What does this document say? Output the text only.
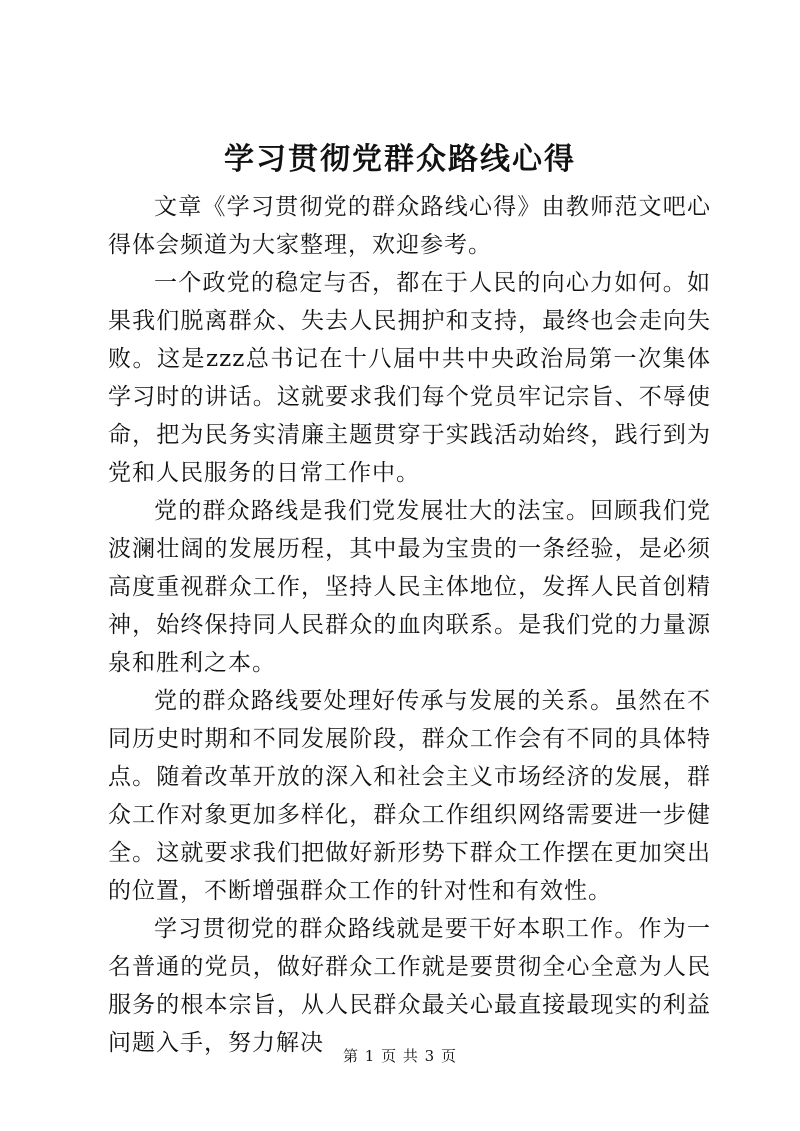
学习贯彻党群众路线心得

文章《学习贯彻党的群众路线心得》由教师范文吧心得体会频道为大家整理，欢迎参考。

一个政党的稳定与否，都在于人民的向心力如何。如果我们脱离群众、失去人民拥护和支持，最终也会走向失败。这是zzz总书记在十八届中共中央政治局第一次集体学习时的讲话。这就要求我们每个党员牢记宗旨、不辱使命，把为民务实清廉主题贯穿于实践活动始终，践行到为党和人民服务的日常工作中。

党的群众路线是我们党发展壮大的法宝。回顾我们党波澜壮阔的发展历程，其中最为宝贵的一条经验，是必须高度重视群众工作，坚持人民主体地位，发挥人民首创精神，始终保持同人民群众的血肉联系。是我们党的力量源泉和胜利之本。

党的群众路线要处理好传承与发展的关系。虽然在不同历史时期和不同发展阶段，群众工作会有不同的具体特点。随着改革开放的深入和社会主义市场经济的发展，群众工作对象更加多样化，群众工作组织网络需要进一步健全。这就要求我们把做好新形势下群众工作摆在更加突出的位置，不断增强群众工作的针对性和有效性。

学习贯彻党的群众路线就是要干好本职工作。作为一名普通的党员，做好群众工作就是要贯彻全心全意为人民服务的根本宗旨，从人民群众最关心最直接最现实的利益问题入手，努力解决	第 1 页 共 3 页
